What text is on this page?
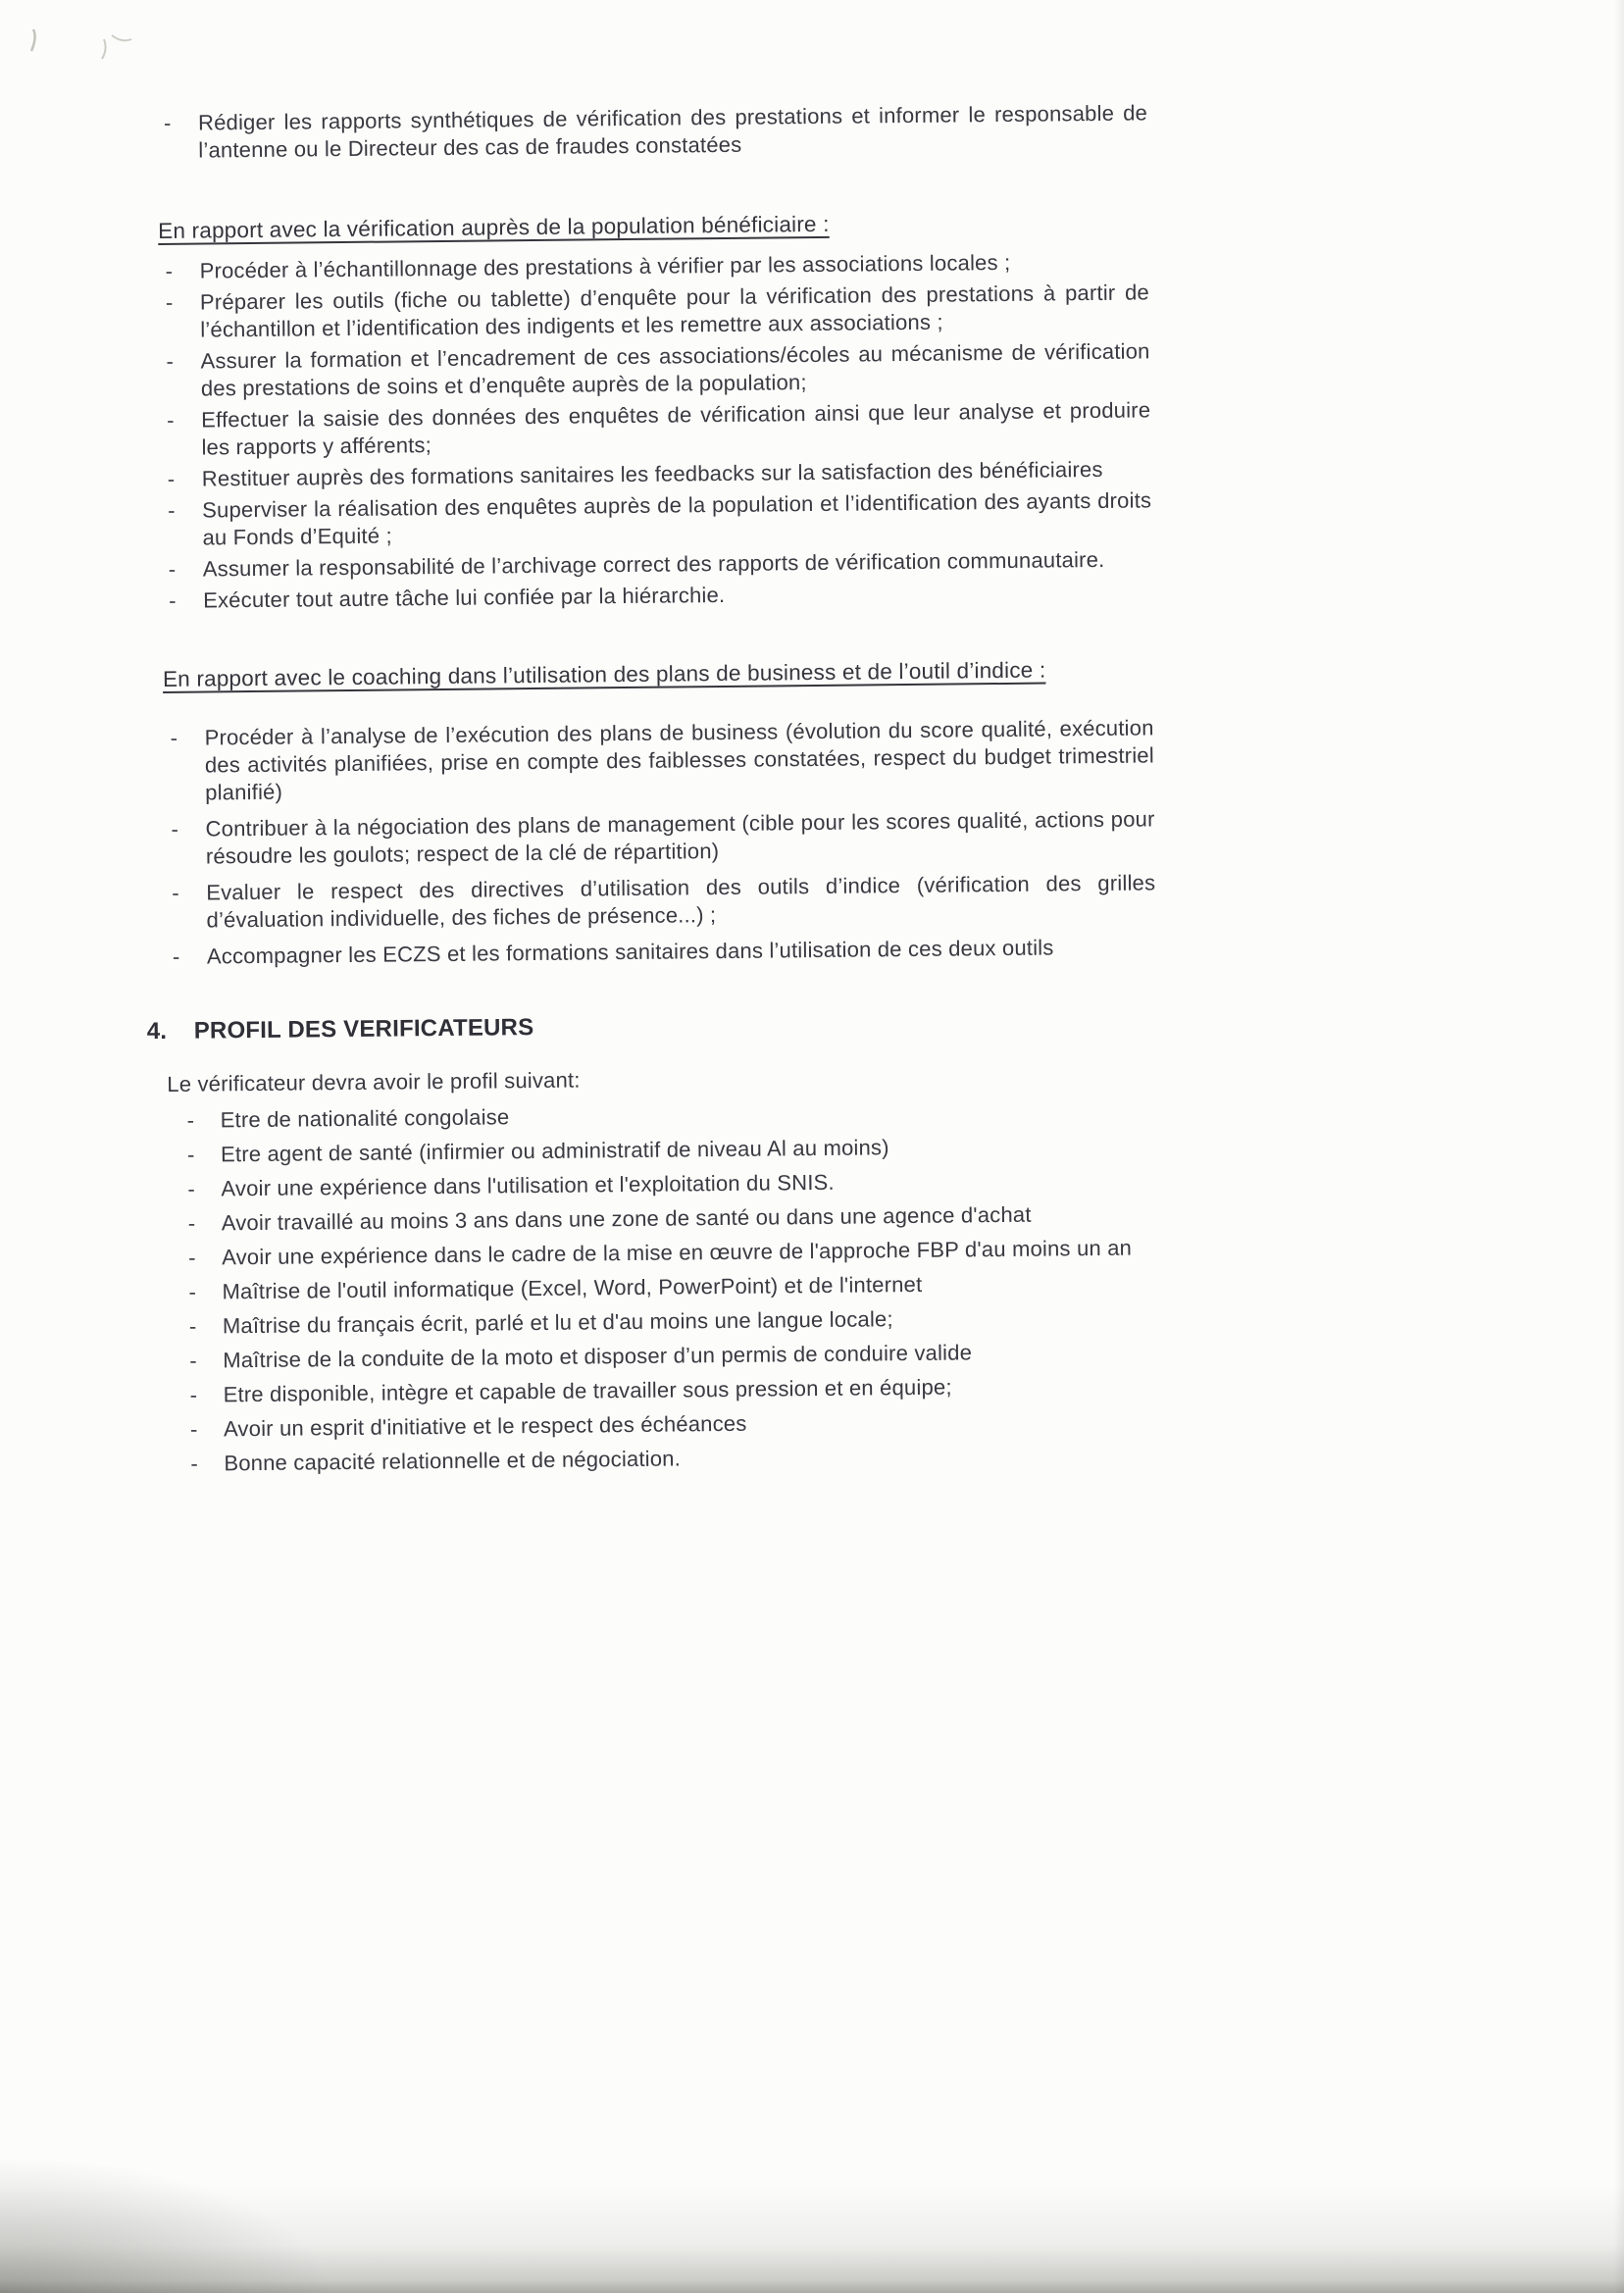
- Rédiger les rapports synthétiques de vérification des prestations et informer le responsable de l’antenne ou le Directeur des cas de fraudes constatées
En rapport avec la vérification auprès de la population bénéficiaire :
- Procéder à l’échantillonnage des prestations à vérifier par les associations locales ;
- Préparer les outils (fiche ou tablette) d’enquête pour la vérification des prestations à partir de l’échantillon et l’identification des indigents et les remettre aux associations ;
- Assurer la formation et l’encadrement de ces associations/écoles au mécanisme de vérification des prestations de soins et d’enquête auprès de la population;
- Effectuer la saisie des données des enquêtes de vérification ainsi que leur analyse et produire les rapports y afférents;
- Restituer auprès des formations sanitaires les feedbacks sur la satisfaction des bénéficiaires
- Superviser la réalisation des enquêtes auprès de la population et l’identification des ayants droits au Fonds d’Equité ;
- Assumer la responsabilité de l’archivage correct des rapports de vérification communautaire.
- Exécuter tout autre tâche lui confiée par la hiérarchie.
En rapport avec le coaching dans l’utilisation des plans de business et de l’outil d’indice :
- Procéder à l’analyse de l’exécution des plans de business (évolution du score qualité, exécution des activités planifiées, prise en compte des faiblesses constatées, respect du budget trimestriel planifié)
- Contribuer à la négociation des plans de management (cible pour les scores qualité, actions pour résoudre les goulots; respect de la clé de répartition)
- Evaluer le respect des directives d’utilisation des outils d’indice (vérification des grilles d’évaluation individuelle, des fiches de présence...) ;
- Accompagner les ECZS et les formations sanitaires dans l’utilisation de ces deux outils
4.	PROFIL DES VERIFICATEURS

Le vérificateur devra avoir le profil suivant:

- Etre de nationalité congolaise
- Etre agent de santé (infirmier ou administratif de niveau Al au moins)
- Avoir une expérience dans l'utilisation et l'exploitation du SNIS.
- Avoir travaillé au moins 3 ans dans une zone de santé ou dans une agence d'achat
- Avoir une expérience dans le cadre de la mise en œuvre de l'approche FBP d'au moins un an
- Maîtrise de l'outil informatique (Excel, Word, PowerPoint) et de l'internet
- Maîtrise du français écrit, parlé et lu et d'au moins une langue locale;
- Maîtrise de la conduite de la moto et disposer d’un permis de conduire valide
- Etre disponible, intègre et capable de travailler sous pression et en équipe;
- Avoir un esprit d'initiative et le respect des échéances
- Bonne capacité relationnelle et de négociation.
